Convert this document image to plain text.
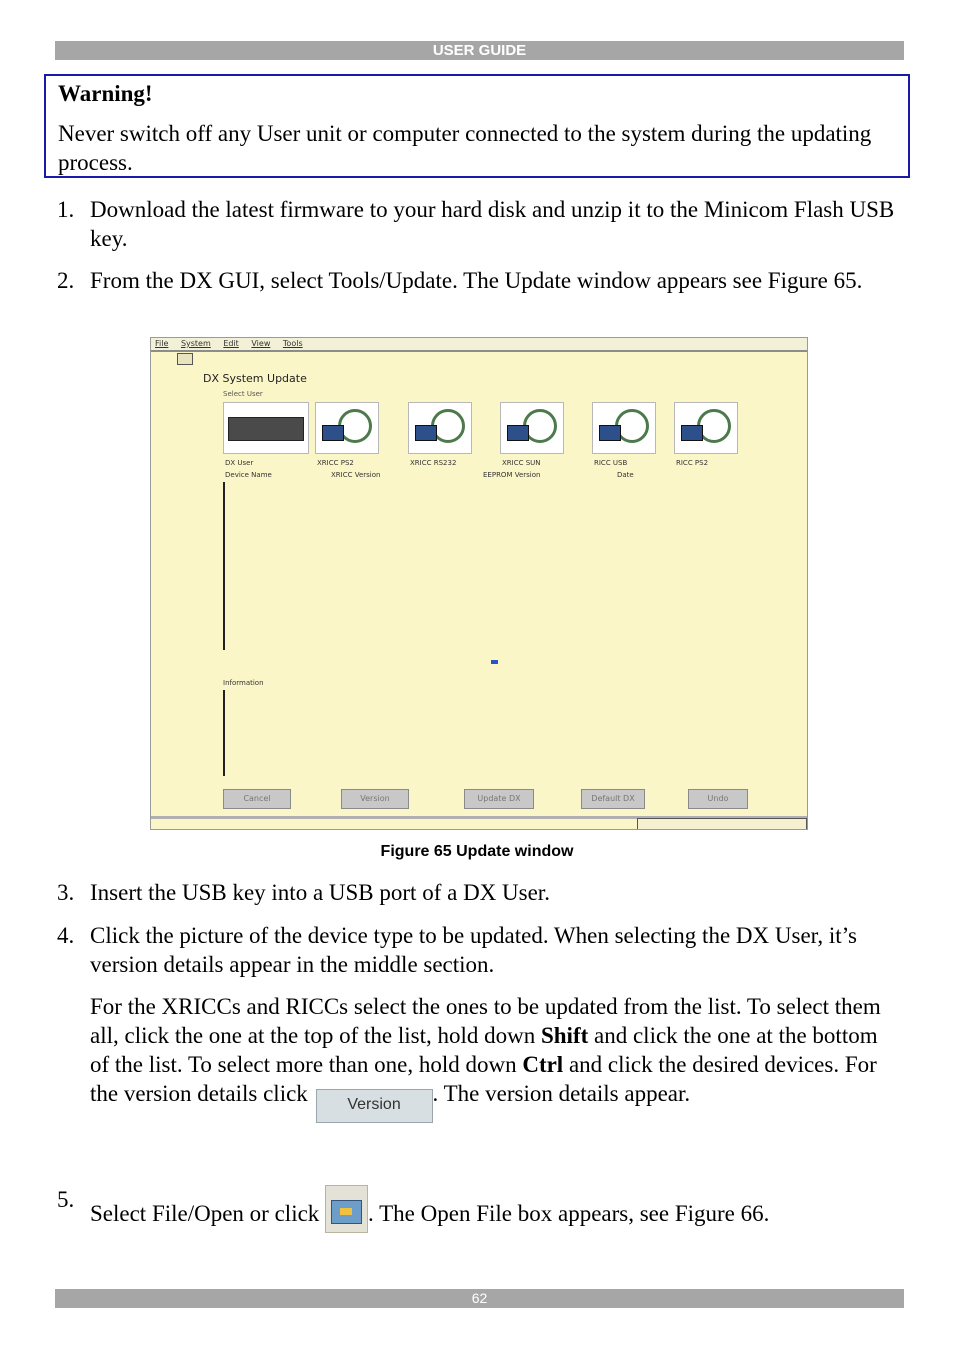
USER GUIDE
Warning!
Never switch off any User unit or computer connected to the system during the updating process.
1. Download the latest firmware to your hard disk and unzip it to the Minicom Flash USB key.
2. From the DX GUI, select Tools/Update. The Update window appears see Figure 65.
File System Edit View Tools
DX System Update
Select User
DX User	XRICC PS2	XRICC RS232	XRICC SUN	RICC USB	RICC PS2
Device Name	XRICC Version	EEPROM Version	Date
Information
Cancel	Version	Update DX	Default DX	Undo
Figure 65 Update window
3. Insert the USB key into a USB port of a DX User.
4. Click the picture of the device type to be updated. When selecting the DX User, it’s version details appear in the middle section.
For the XRICCs and RICCs select the ones to be updated from the list. To select them all, click the one at the top of the list, hold down Shift and click the one at the bottom of the list. To select more than one, hold down Ctrl and click the desired devices. For the version details click Version . The version details appear.
5.
Select File/Open or click
. The Open File box appears, see Figure 66.
62
